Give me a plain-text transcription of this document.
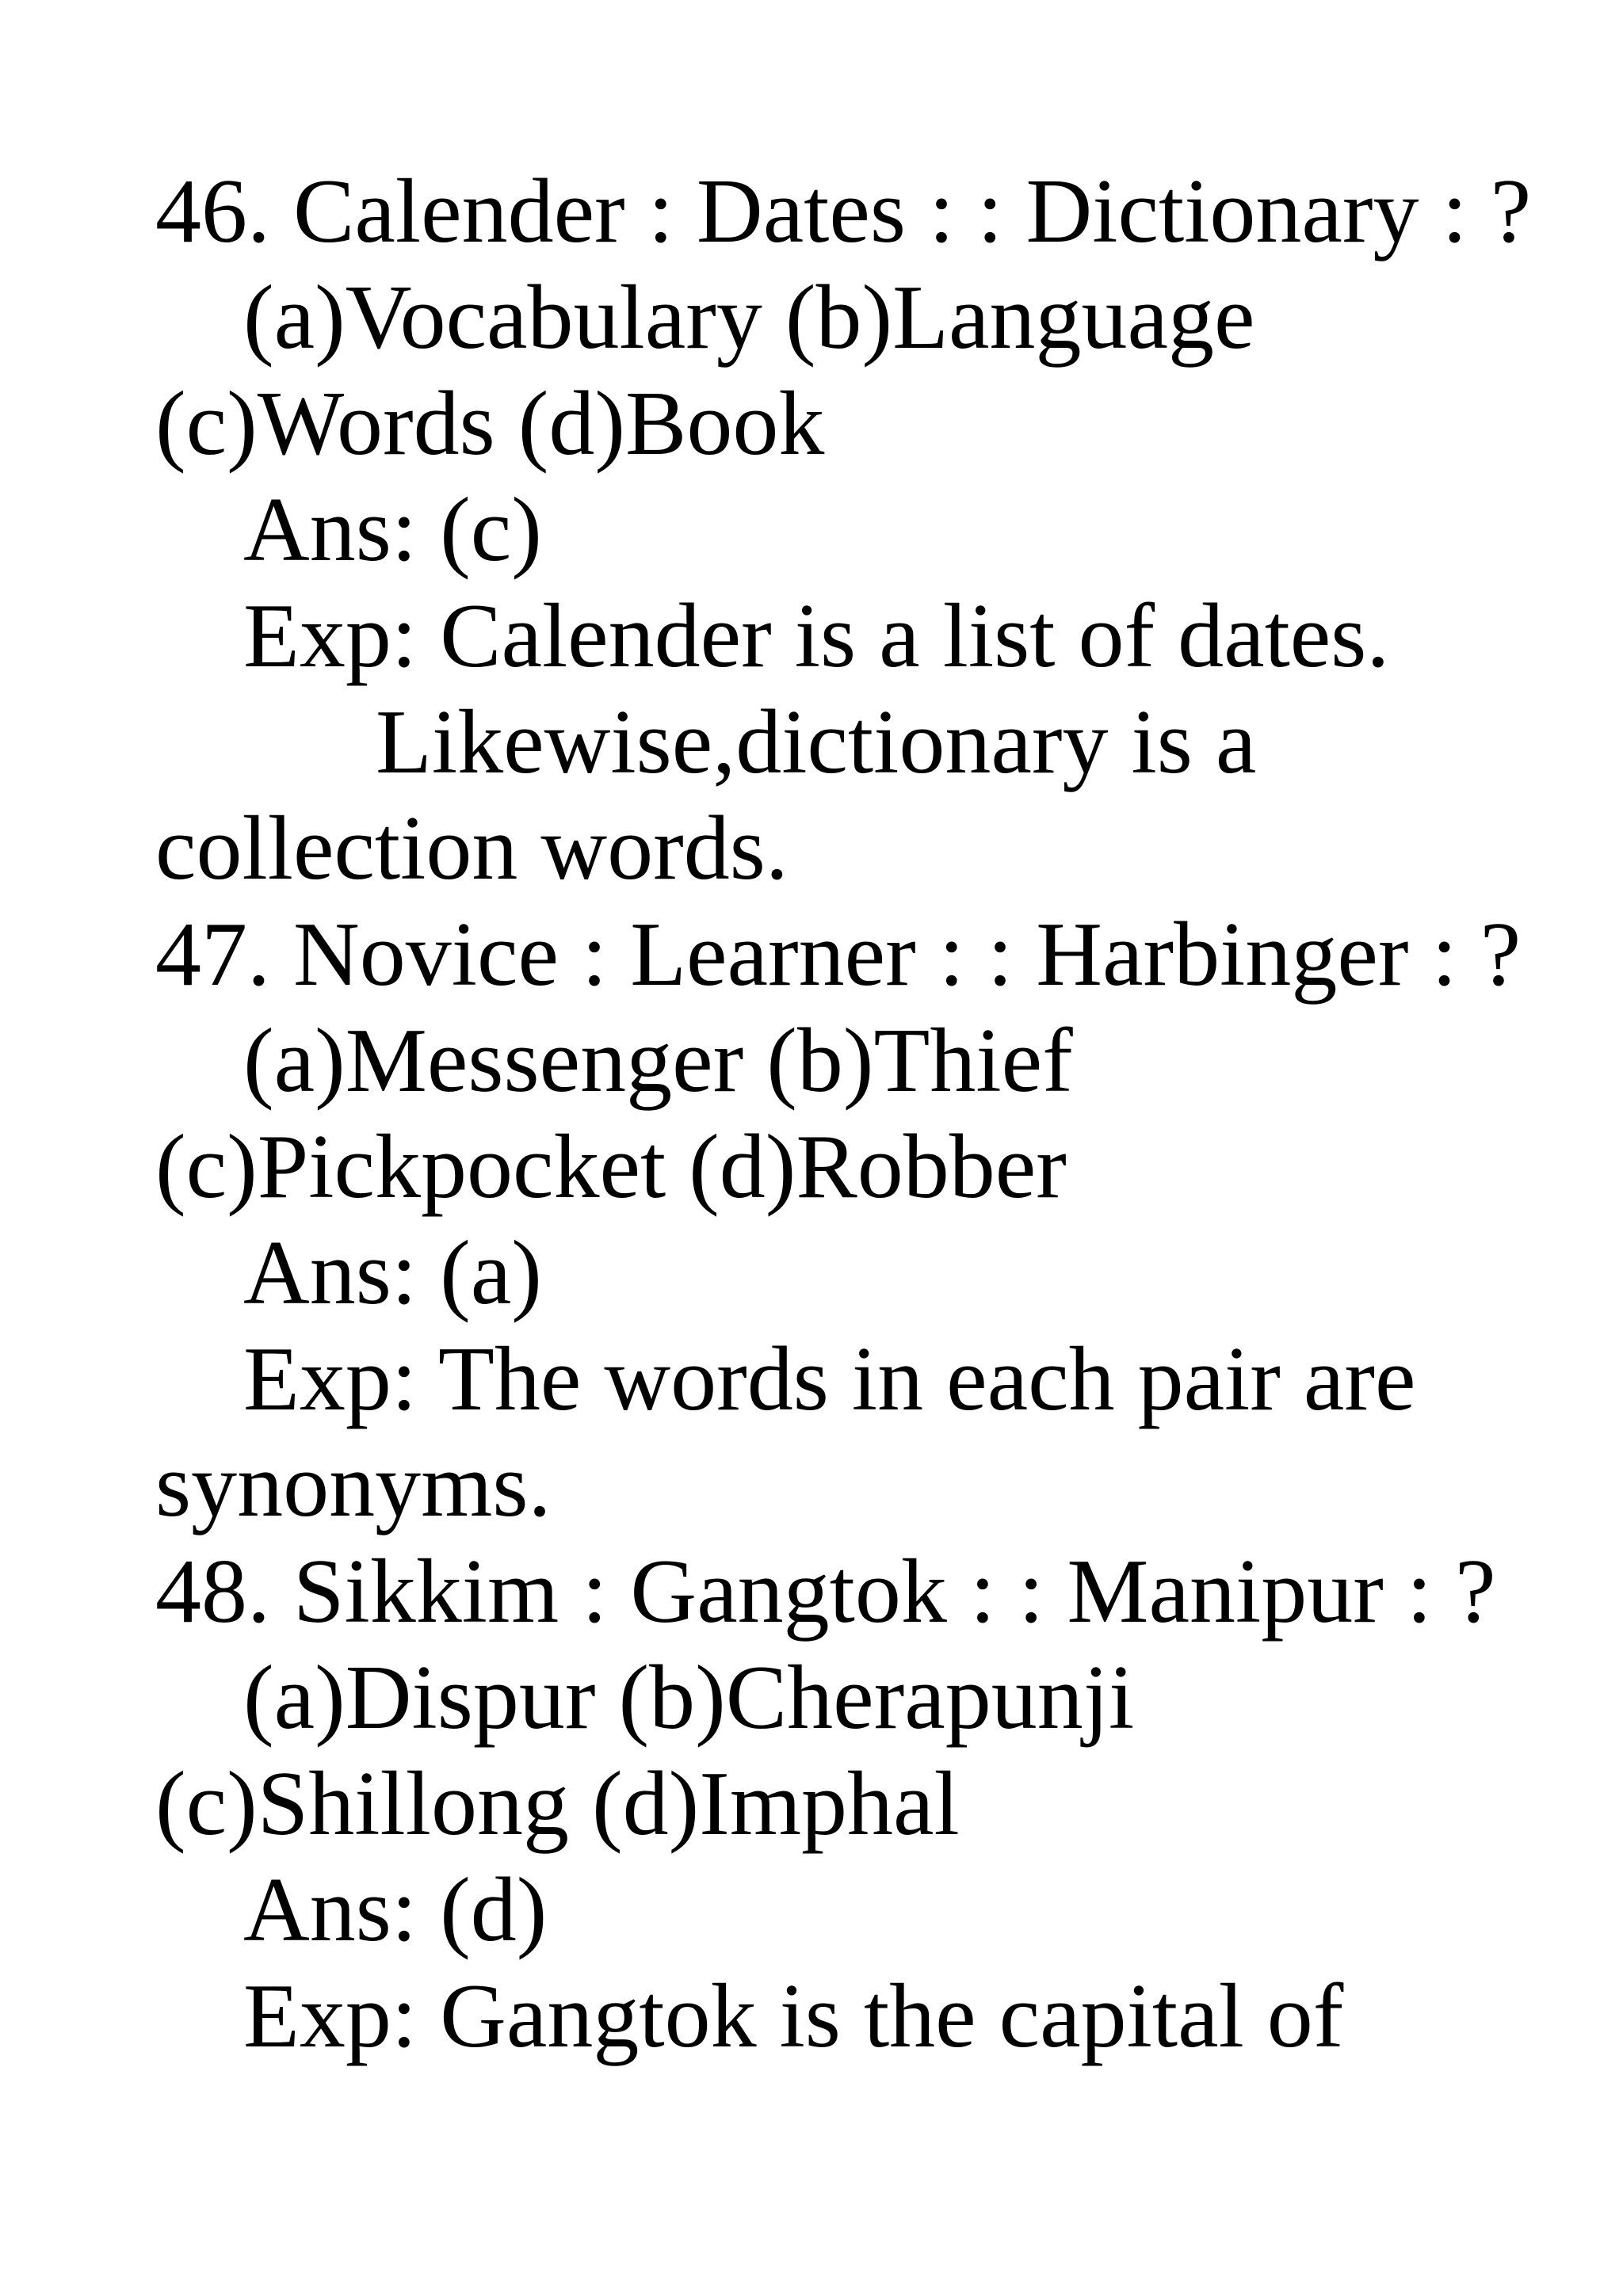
46. Calender : Dates : : Dictionary : ?
(a)Vocabulary (b)Language
(c)Words (d)Book
Ans: (c)
Exp: Calender is a list of dates.
Likewise,dictionary is a
collection words.
47. Novice : Learner : : Harbinger : ?
(a)Messenger (b)Thief
(c)Pickpocket (d)Robber
Ans: (a)
Exp: The words in each pair are
synonyms.
48. Sikkim : Gangtok : : Manipur : ?
(a)Dispur (b)Cherapunji
(c)Shillong (d)Imphal
Ans: (d)
Exp: Gangtok is the capital of
